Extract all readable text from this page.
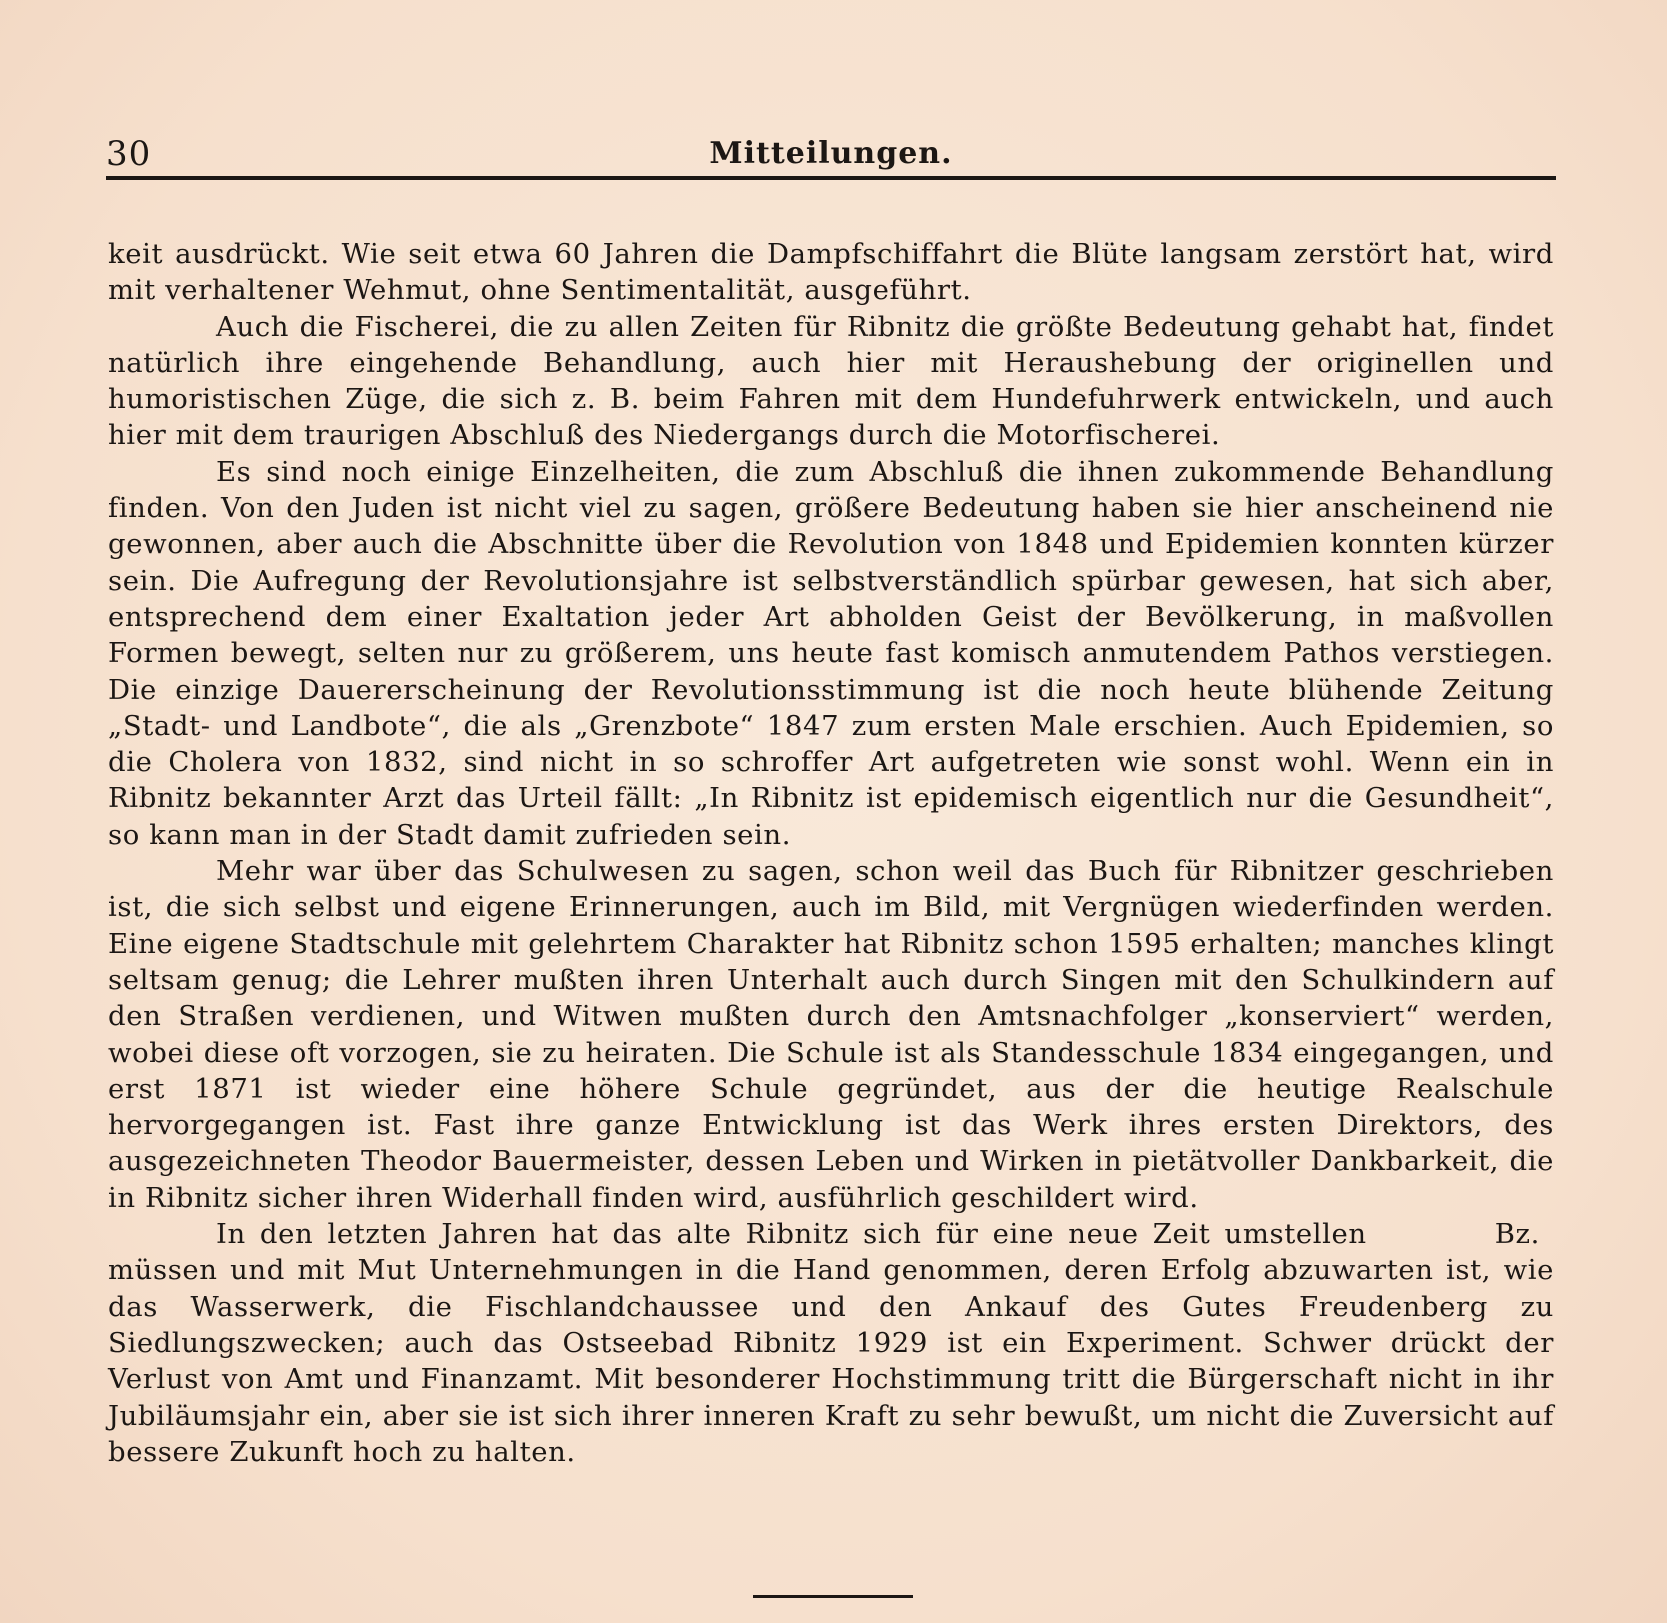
30	Mitteilungen.

keit ausdrückt. Wie seit etwa 60 Jahren die Dampfschiffahrt die Blüte langsam zerstört hat, wird mit verhaltener Wehmut, ohne Sentimentalität, ausgeführt.

Auch die Fischerei, die zu allen Zeiten für Ribnitz die größte Bedeutung gehabt hat, findet natürlich ihre eingehende Behandlung, auch hier mit Heraushebung der originellen und humoristischen Züge, die sich z. B. beim Fahren mit dem Hundefuhrwerk entwickeln, und auch hier mit dem traurigen Abschluß des Niedergangs durch die Motorfischerei.

Es sind noch einige Einzelheiten, die zum Abschluß die ihnen zukommende Behandlung finden. Von den Juden ist nicht viel zu sagen, größere Bedeutung haben sie hier anscheinend nie gewonnen, aber auch die Abschnitte über die Revolution von 1848 und Epidemien konnten kürzer sein. Die Aufregung der Revolutionsjahre ist selbstverständlich spürbar gewesen, hat sich aber, entsprechend dem einer Exaltation jeder Art abholden Geist der Bevölkerung, in maßvollen Formen bewegt, selten nur zu größerem, uns heute fast komisch anmutendem Pathos verstiegen. Die einzige Dauererscheinung der Revolutionsstimmung ist die noch heute blühende Zeitung „Stadt- und Landbote“, die als „Grenzbote“ 1847 zum ersten Male erschien. Auch Epidemien, so die Cholera von 1832, sind nicht in so schroffer Art aufgetreten wie sonst wohl. Wenn ein in Ribnitz bekannter Arzt das Urteil fällt: „In Ribnitz ist epidemisch eigentlich nur die Gesundheit“, so kann man in der Stadt damit zufrieden sein.

Mehr war über das Schulwesen zu sagen, schon weil das Buch für Ribnitzer geschrieben ist, die sich selbst und eigene Erinnerungen, auch im Bild, mit Vergnügen wiederfinden werden. Eine eigene Stadtschule mit gelehrtem Charakter hat Ribnitz schon 1595 erhalten; manches klingt seltsam genug; die Lehrer mußten ihren Unterhalt auch durch Singen mit den Schulkindern auf den Straßen verdienen, und Witwen mußten durch den Amtsnachfolger „konserviert“ werden, wobei diese oft vorzogen, sie zu heiraten. Die Schule ist als Standesschule 1834 eingegangen, und erst 1871 ist wieder eine höhere Schule gegründet, aus der die heutige Realschule hervorgegangen ist. Fast ihre ganze Entwicklung ist das Werk ihres ersten Direktors, des ausgezeichneten Theodor Bauermeister, dessen Leben und Wirken in pietätvoller Dankbarkeit, die in Ribnitz sicher ihren Widerhall finden wird, ausführlich geschildert wird.

Bz.
In den letzten Jahren hat das alte Ribnitz sich für eine neue Zeit umstellen müssen und mit Mut Unternehmungen in die Hand genommen, deren Erfolg abzuwarten ist, wie das Wasserwerk, die Fischlandchaussee und den Ankauf des Gutes Freudenberg zu Siedlungszwecken; auch das Ostseebad Ribnitz 1929 ist ein Experiment. Schwer drückt der Verlust von Amt und Finanzamt. Mit besonderer Hochstimmung tritt die Bürgerschaft nicht in ihr Jubiläumsjahr ein, aber sie ist sich ihrer inneren Kraft zu sehr bewußt, um nicht die Zuversicht auf bessere Zukunft hoch zu halten.
